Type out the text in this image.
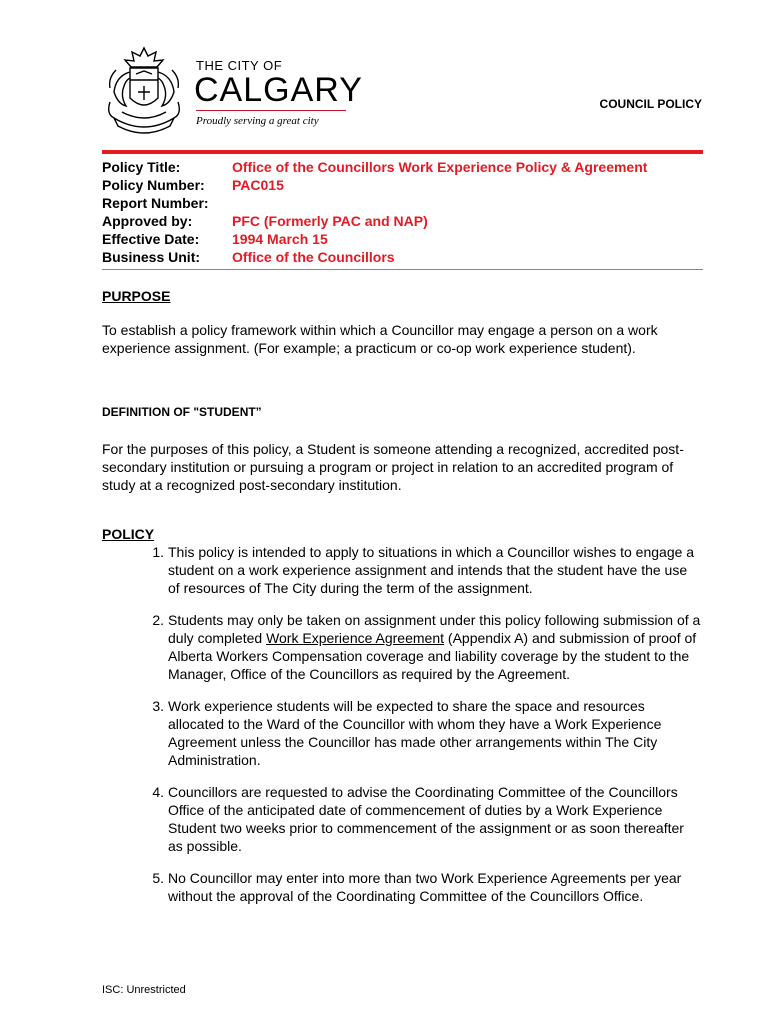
THE CITY OF
CALGARY
Proudly serving a great city
COUNCIL POLICY
Policy Title:	Office of the Councillors Work Experience Policy & Agreement
Policy Number:	PAC015
Report Number:
Approved by:	PFC (Formerly PAC and NAP)
Effective Date:	1994 March 15
Business Unit:	Office of the Councillors
PURPOSE
To establish a policy framework within which a Councillor may engage a person on a work experience assignment. (For example; a practicum or co-op work experience student).
DEFINITION OF "STUDENT”
For the purposes of this policy, a Student is someone attending a recognized, accredited post-secondary institution or pursuing a program or project in relation to an accredited program of study at a recognized post-secondary institution.
POLICY
1. This policy is intended to apply to situations in which a Councillor wishes to engage a student on a work experience assignment and intends that the student have the use of resources of The City during the term of the assignment.
2. Students may only be taken on assignment under this policy following submission of a duly completed Work Experience Agreement (Appendix A) and submission of proof of Alberta Workers Compensation coverage and liability coverage by the student to the Manager, Office of the Councillors as required by the Agreement.
3. Work experience students will be expected to share the space and resources allocated to the Ward of the Councillor with whom they have a Work Experience Agreement unless the Councillor has made other arrangements within The City Administration.
4. Councillors are requested to advise the Coordinating Committee of the Councillors Office of the anticipated date of commencement of duties by a Work Experience Student two weeks prior to commencement of the assignment or as soon thereafter as possible.
5. No Councillor may enter into more than two Work Experience Agreements per year without the approval of the Coordinating Committee of the Councillors Office.
ISC: Unrestricted
